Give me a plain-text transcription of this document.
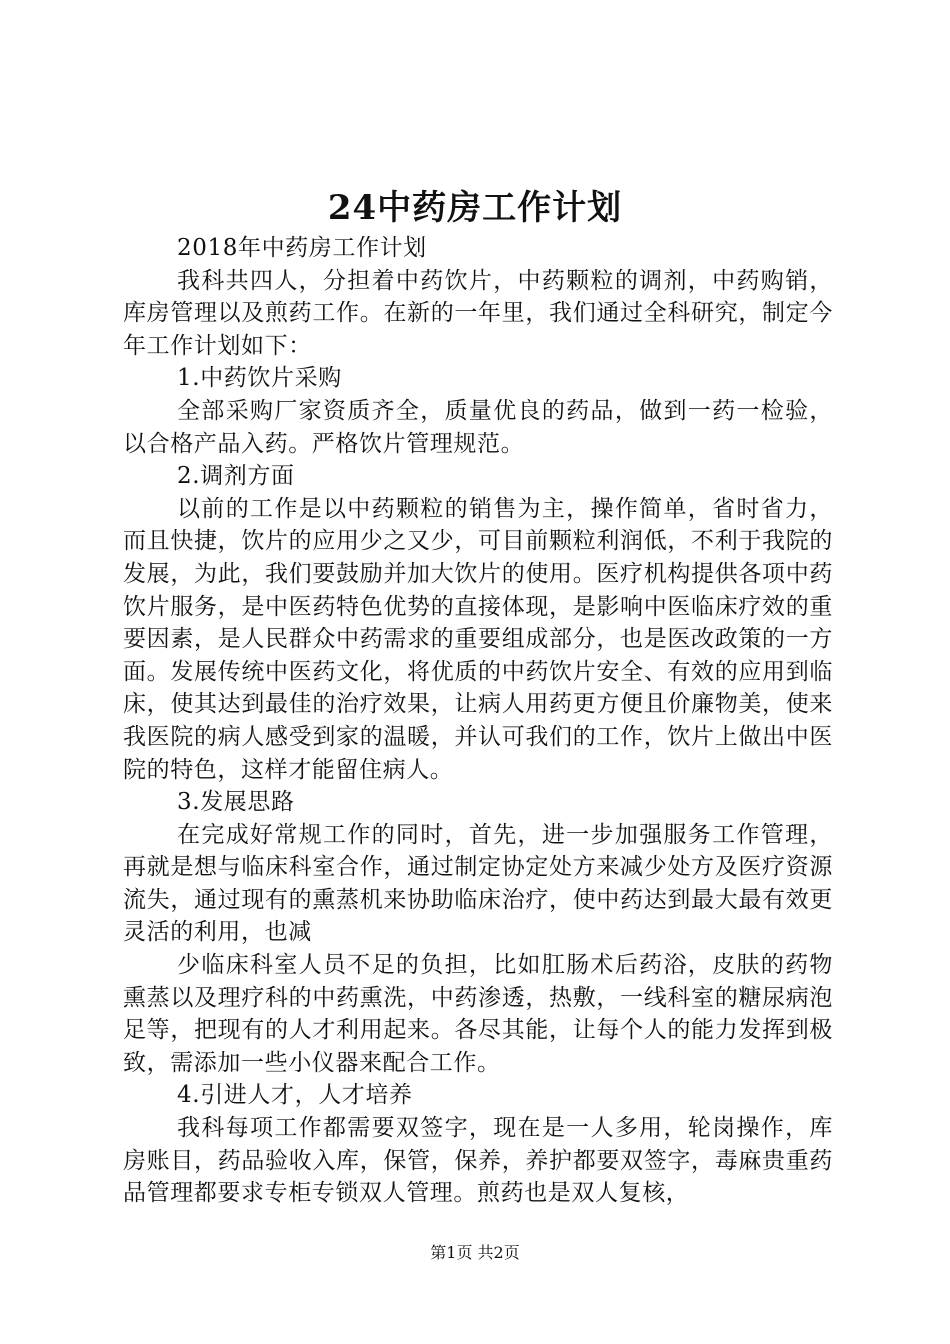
24中药房工作计划

2018年中药房工作计划

我科共四人，分担着中药饮片，中药颗粒的调剂，中药购销，库房管理以及煎药工作。在新的一年里，我们通过全科研究，制定今年工作计划如下：

1.中药饮片采购

全部采购厂家资质齐全，质量优良的药品，做到一药一检验，以合格产品入药。严格饮片管理规范。

2.调剂方面

以前的工作是以中药颗粒的销售为主，操作简单，省时省力，而且快捷，饮片的应用少之又少，可目前颗粒利润低，不利于我院的发展，为此，我们要鼓励并加大饮片的使用。医疗机构提供各项中药饮片服务，是中医药特色优势的直接体现，是影响中医临床疗效的重要因素，是人民群众中药需求的重要组成部分，也是医改政策的一方面。发展传统中医药文化，将优质的中药饮片安全、有效的应用到临床，使其达到最佳的治疗效果，让病人用药更方便且价廉物美，使来我医院的病人感受到家的温暖，并认可我们的工作，饮片上做出中医院的特色，这样才能留住病人。

3.发展思路

在完成好常规工作的同时，首先，进一步加强服务工作管理，再就是想与临床科室合作，通过制定协定处方来减少处方及医疗资源流失，通过现有的熏蒸机来协助临床治疗，使中药达到最大最有效更灵活的利用，也减

少临床科室人员不足的负担，比如肛肠术后药浴，皮肤的药物熏蒸以及理疗科的中药熏洗，中药渗透，热敷，一线科室的糖尿病泡足等，把现有的人才利用起来。各尽其能，让每个人的能力发挥到极致，需添加一些小仪器来配合工作。

4.引进人才，人才培养

我科每项工作都需要双签字，现在是一人多用，轮岗操作，库房账目，药品验收入库，保管，保养，养护都要双签字，毒麻贵重药品管理都要求专柜专锁双人管理。煎药也是双人复核，

第1页 共2页
